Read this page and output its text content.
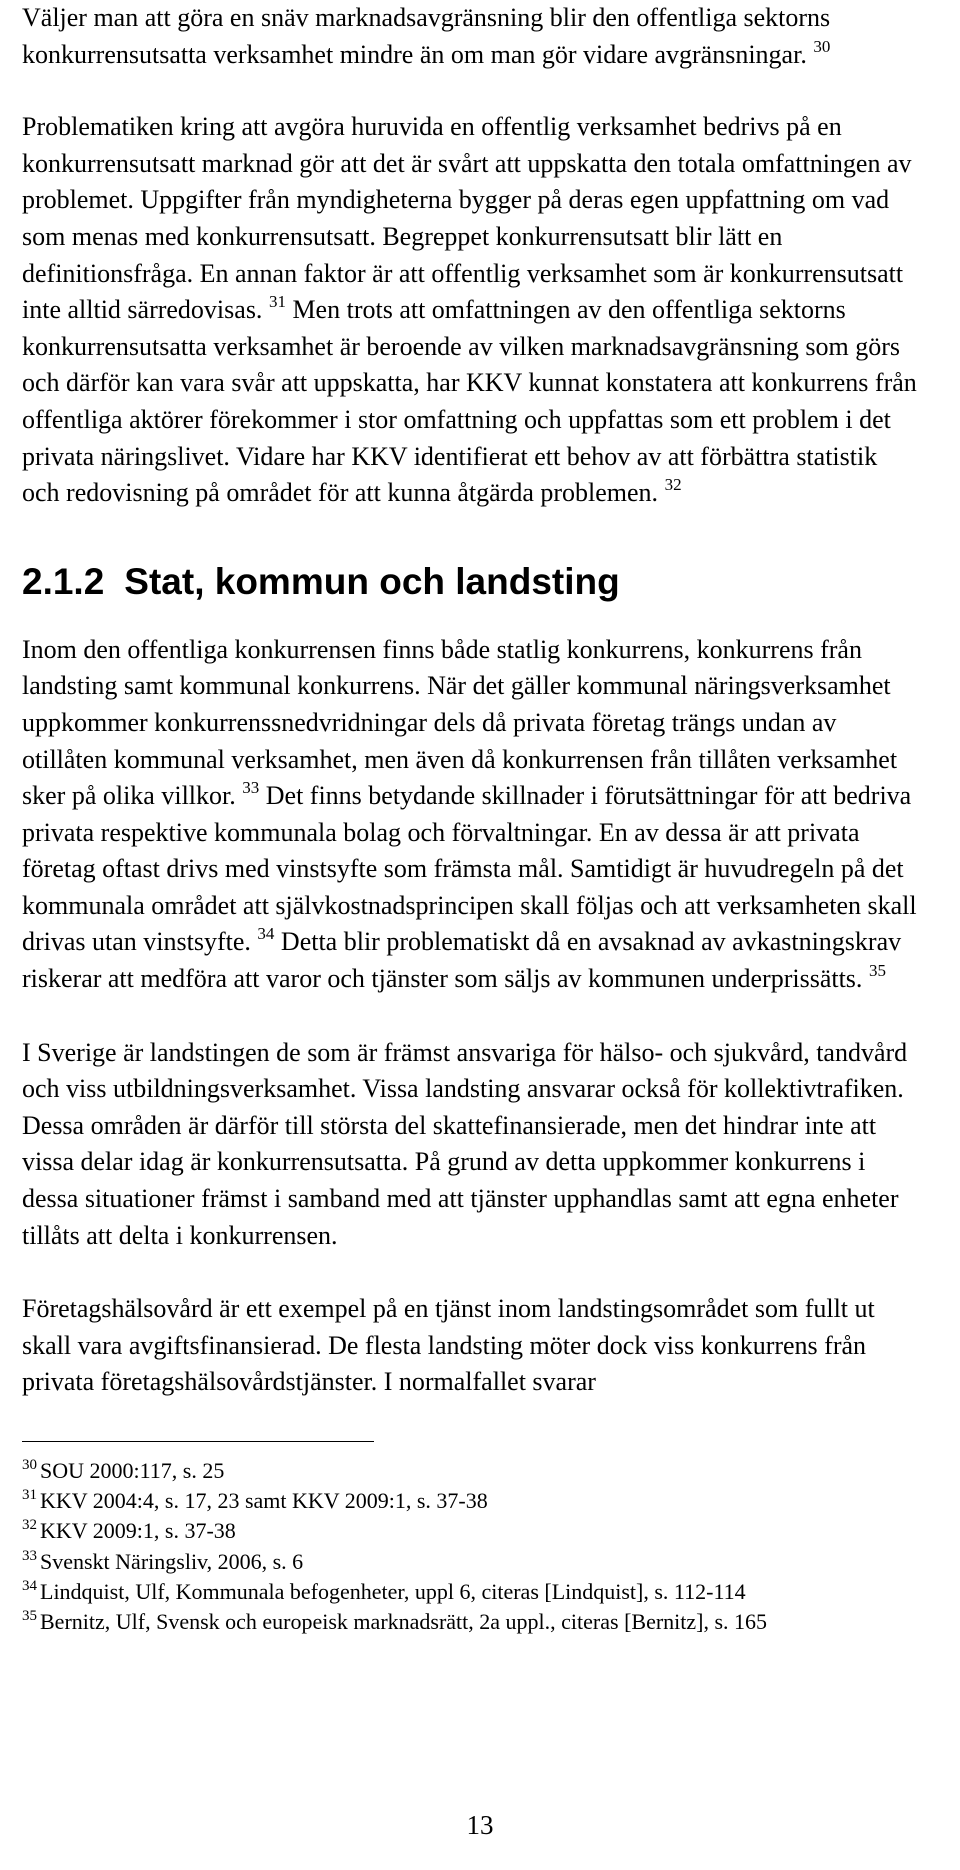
Väljer man att göra en snäv marknadsavgränsning blir den offentliga sektorns konkurrensutsatta verksamhet mindre än om man gör vidare avgränsningar. $^{30}$

Problematiken kring att avgöra huruvida en offentlig verksamhet bedrivs på en konkurrensutsatt marknad gör att det är svårt att uppskatta den totala omfattningen av problemet. Uppgifter från myndigheterna bygger på deras egen uppfattning om vad som menas med konkurrensutsatt. Begreppet konkurrensutsatt blir lätt en definitionsfråga. En annan faktor är att offentlig verksamhet som är konkurrensutsatt inte alltid särredovisas. $^{31}$ Men trots att omfattningen av den offentliga sektorns konkurrensutsatta verksamhet är beroende av vilken marknadsavgränsning som görs och därför kan vara svår att uppskatta, har KKV kunnat konstatera att konkurrens från offentliga aktörer förekommer i stor omfattning och uppfattas som ett problem i det privata näringslivet. Vidare har KKV identifierat ett behov av att förbättra statistik och redovisning på området för att kunna åtgärda problemen. $^{32}$

2.1.2 Stat, kommun och landsting

Inom den offentliga konkurrensen finns både statlig konkurrens, konkurrens från landsting samt kommunal konkurrens. När det gäller kommunal näringsverksamhet uppkommer konkurrenssnedvridningar dels då privata företag trängs undan av otillåten kommunal verksamhet, men även då konkurrensen från tillåten verksamhet sker på olika villkor. $^{33}$ Det finns betydande skillnader i förutsättningar för att bedriva privata respektive kommunala bolag och förvaltningar. En av dessa är att privata företag oftast drivs med vinstsyfte som främsta mål. Samtidigt är huvudregeln på det kommunala området att självkostnadsprincipen skall följas och att verksamheten skall drivas utan vinstsyfte. $^{34}$ Detta blir problematiskt då en avsaknad av avkastningskrav riskerar att medföra att varor och tjänster som säljs av kommunen underprissätts. $^{35}$

I Sverige är landstingen de som är främst ansvariga för hälso- och sjukvård, tandvård och viss utbildningsverksamhet. Vissa landsting ansvarar också för kollektivtrafiken. Dessa områden är därför till största del skattefinansierade, men det hindrar inte att vissa delar idag är konkurrensutsatta. På grund av detta uppkommer konkurrens i dessa situationer främst i samband med att tjänster upphandlas samt att egna enheter tillåts att delta i konkurrensen.

Företagshälsovård är ett exempel på en tjänst inom landstingsområdet som fullt ut skall vara avgiftsfinansierad. De flesta landsting möter dock viss konkurrens från privata företagshälsovårdstjänster. I normalfallet svarar

$^{30}$ SOU 2000:117, s. 25

$^{31}$ KKV 2004:4, s. 17, 23 samt KKV 2009:1, s. 37-38

$^{32}$ KKV 2009:1, s. 37-38

$^{33}$ Svenskt Näringsliv, 2006, s. 6

$^{34}$ Lindquist, Ulf, Kommunala befogenheter, uppl 6, citeras [Lindquist], s. 112-114

$^{35}$ Bernitz, Ulf, Svensk och europeisk marknadsrätt, 2a uppl., citeras [Bernitz], s. 165

13
